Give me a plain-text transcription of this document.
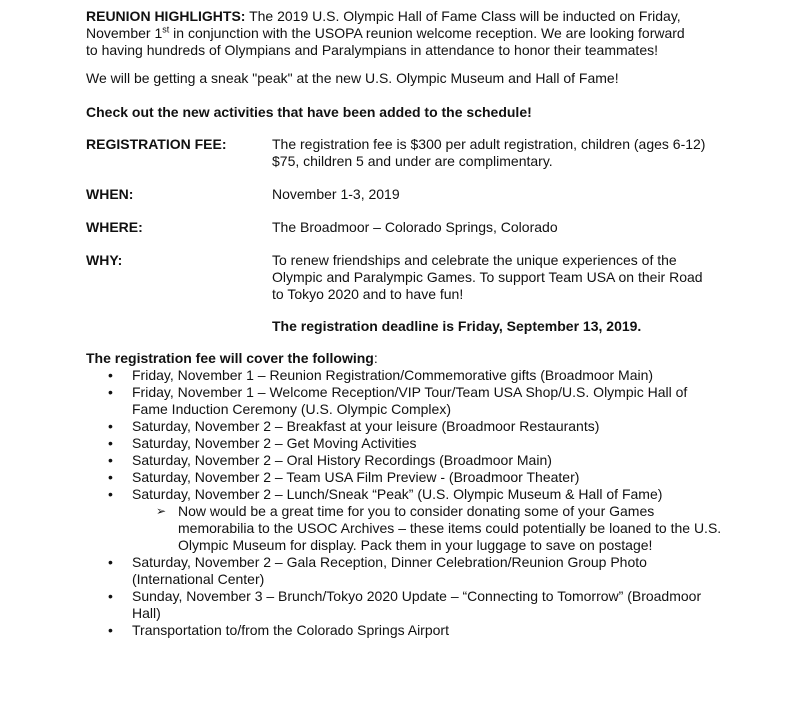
REUNION HIGHLIGHTS: The 2019 U.S. Olympic Hall of Fame Class will be inducted on Friday, November 1st in conjunction with the USOPA reunion welcome reception. We are looking forward to having hundreds of Olympians and Paralympians in attendance to honor their teammates!

We will be getting a sneak "peak" at the new U.S. Olympic Museum and Hall of Fame!

Check out the new activities that have been added to the schedule!

REGISTRATION FEE:	The registration fee is $300 per adult registration, children (ages 6-12) $75, children 5 and under are complimentary.
WHEN:	November 1-3, 2019
WHERE:	The Broadmoor – Colorado Springs, Colorado
WHY:	To renew friendships and celebrate the unique experiences of the Olympic and Paralympic Games. To support Team USA on their Road to Tokyo 2020 and to have fun!
The registration deadline is Friday, September 13, 2019.

The registration fee will cover the following:

• Friday, November 1 – Reunion Registration/Commemorative gifts (Broadmoor Main)
• Friday, November 1 – Welcome Reception/VIP Tour/Team USA Shop/U.S. Olympic Hall of Fame Induction Ceremony (U.S. Olympic Complex)
• Saturday, November 2 – Breakfast at your leisure (Broadmoor Restaurants)
• Saturday, November 2 – Get Moving Activities
• Saturday, November 2 – Oral History Recordings (Broadmoor Main)
• Saturday, November 2 – Team USA Film Preview - (Broadmoor Theater)
• Saturday, November 2 – Lunch/Sneak “Peak” (U.S. Olympic Museum & Hall of Fame)
➢ Now would be a great time for you to consider donating some of your Games memorabilia to the USOC Archives – these items could potentially be loaned to the U.S. Olympic Museum for display. Pack them in your luggage to save on postage!
• Saturday, November 2 – Gala Reception, Dinner Celebration/Reunion Group Photo (International Center)
• Sunday, November 3 – Brunch/Tokyo 2020 Update – “Connecting to Tomorrow” (Broadmoor Hall)
• Transportation to/from the Colorado Springs Airport
